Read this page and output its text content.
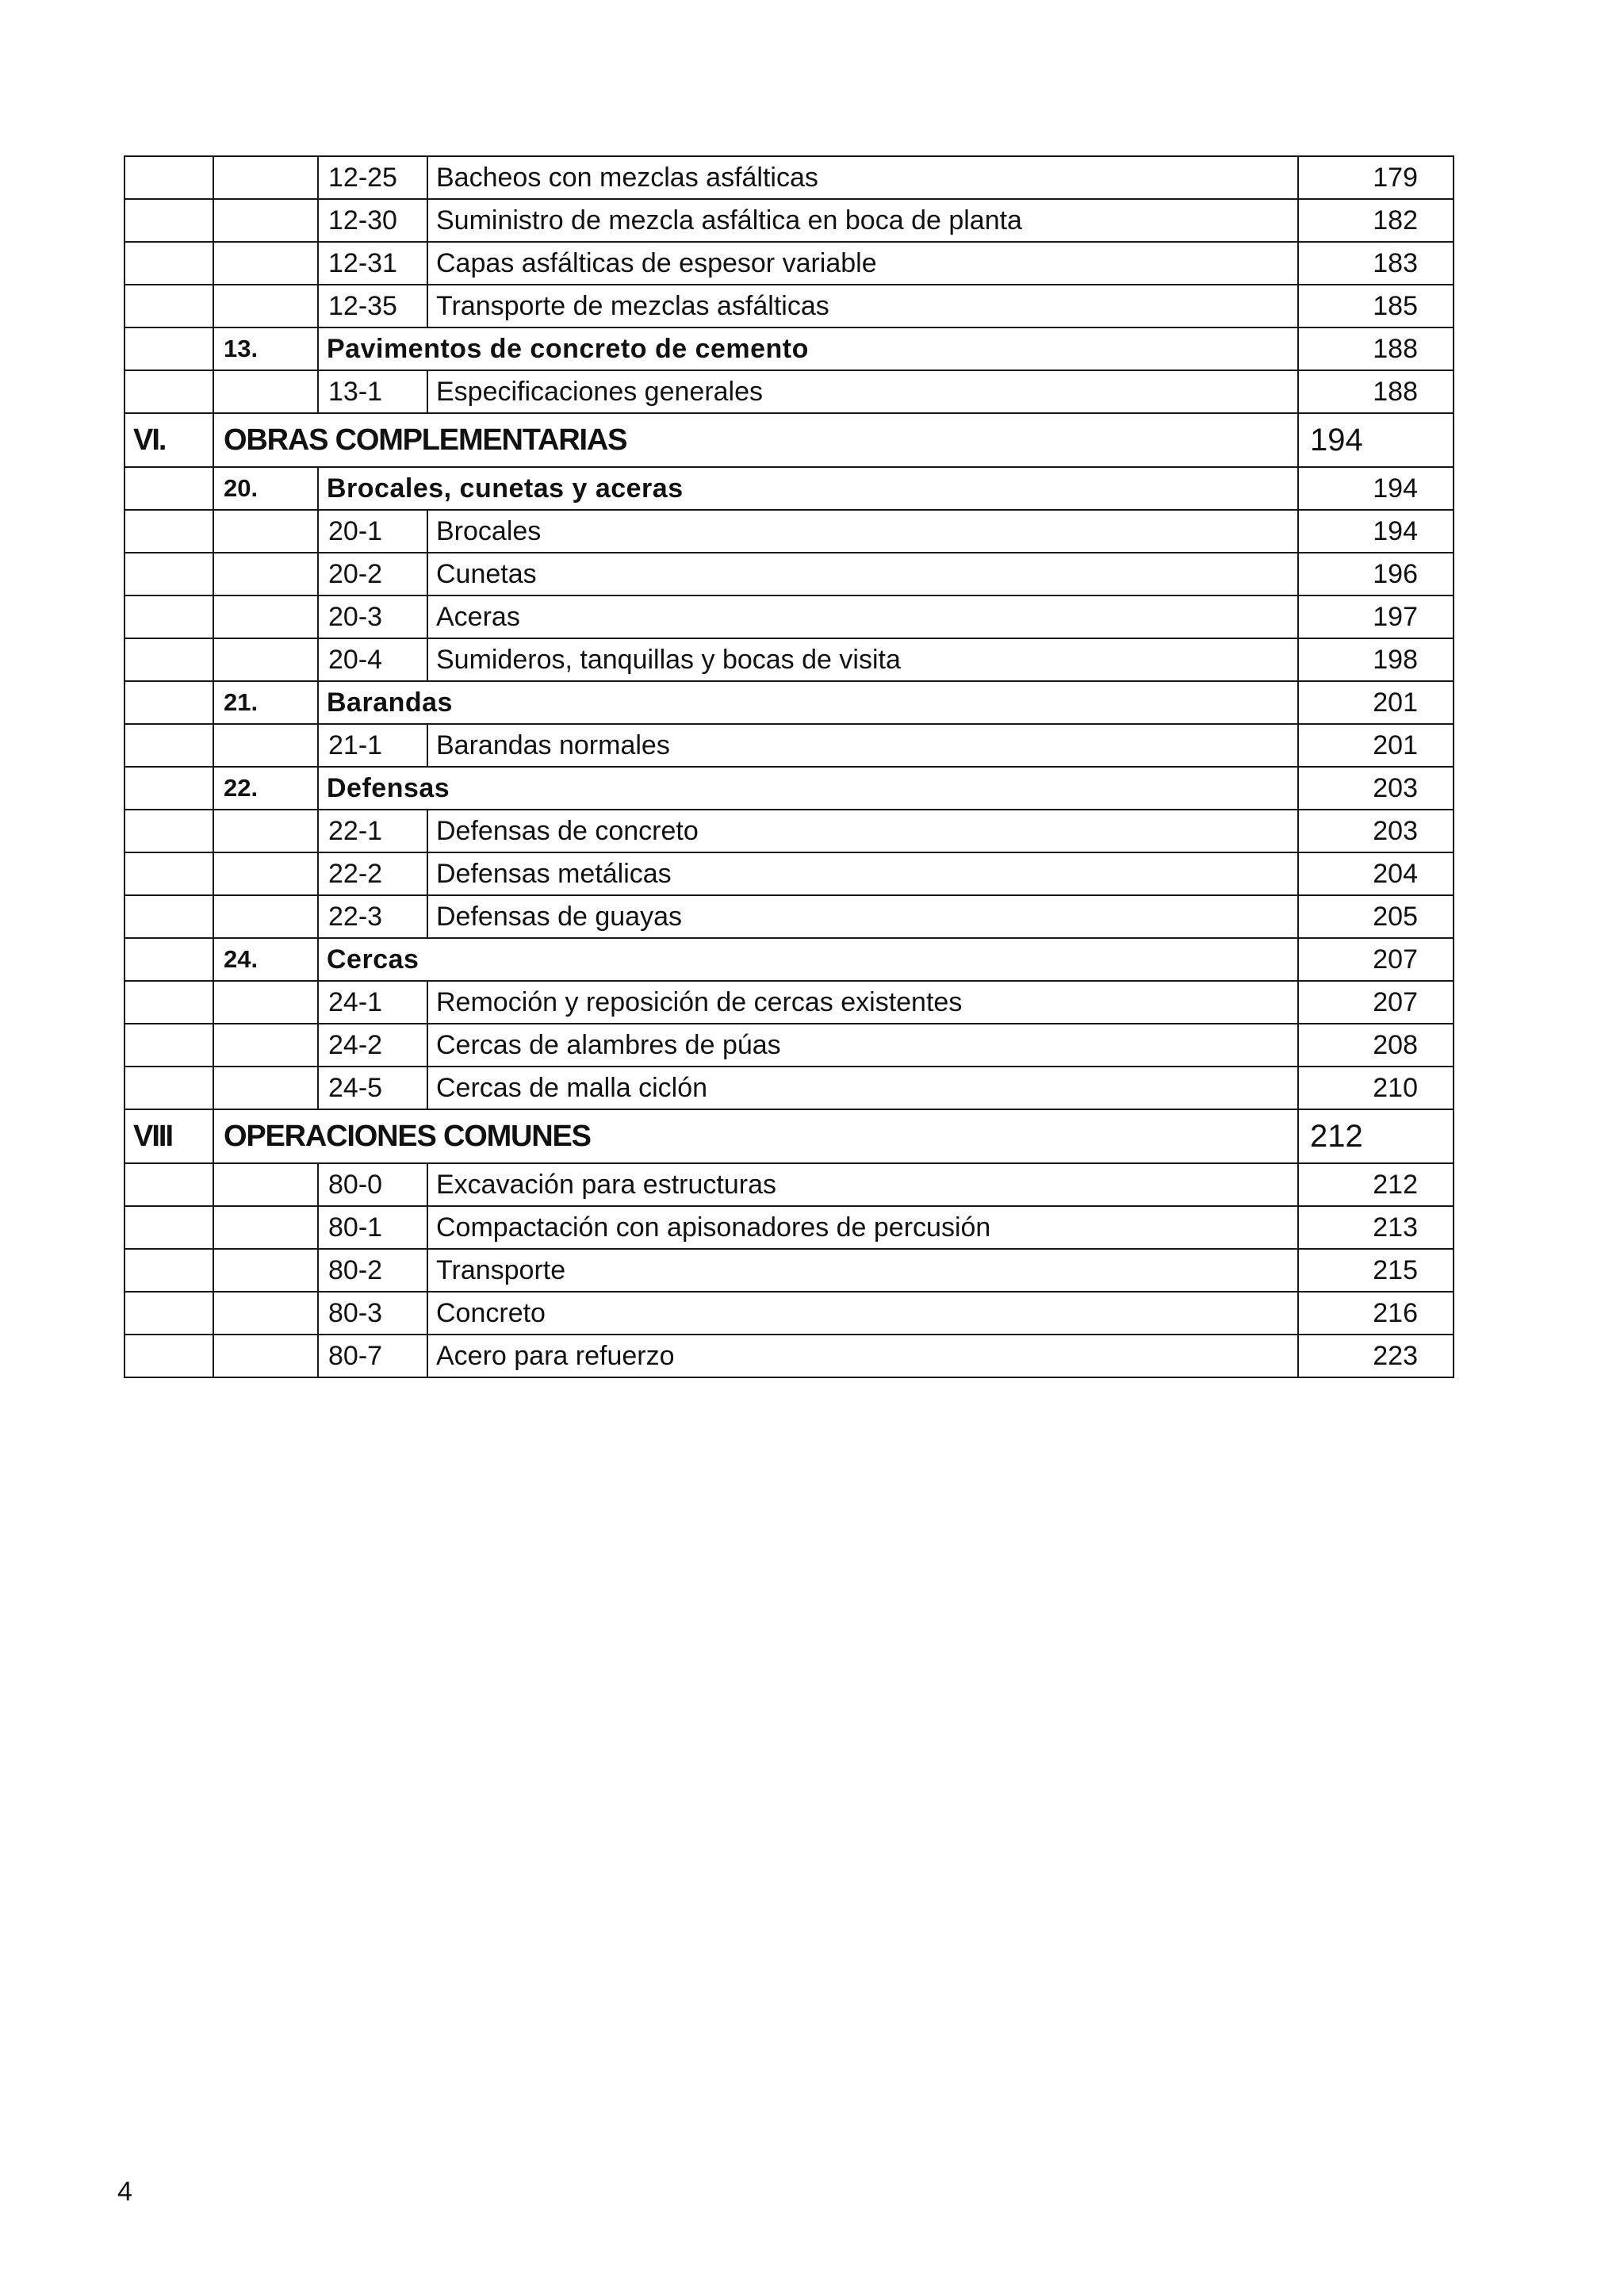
		12-25	Bacheos con mezclas asfálticas	179
		12-30	Suministro de mezcla asfáltica en boca de planta	182
		12-31	Capas asfálticas de espesor variable	183
		12-35	Transporte de mezclas asfálticas	185
	13.	Pavimentos de concreto de cemento		188
		13-1	Especificaciones generales	188
VI.	OBRAS COMPLEMENTARIAS			194
	20.	Brocales, cunetas y aceras		194
		20-1	Brocales	194
		20-2	Cunetas	196
		20-3	Aceras	197
		20-4	Sumideros, tanquillas y bocas de visita	198
	21.	Barandas		201
		21-1	Barandas normales	201
	22.	Defensas		203
		22-1	Defensas de concreto	203
		22-2	Defensas metálicas	204
		22-3	Defensas de guayas	205
	24.	Cercas		207
		24-1	Remoción y reposición de cercas existentes	207
		24-2	Cercas de alambres de púas	208
		24-5	Cercas de malla ciclón	210
VIII	OPERACIONES COMUNES			212
		80-0	Excavación para estructuras	212
		80-1	Compactación con apisonadores de percusión	213
		80-2	Transporte	215
		80-3	Concreto	216
		80-7	Acero para refuerzo	223
4
